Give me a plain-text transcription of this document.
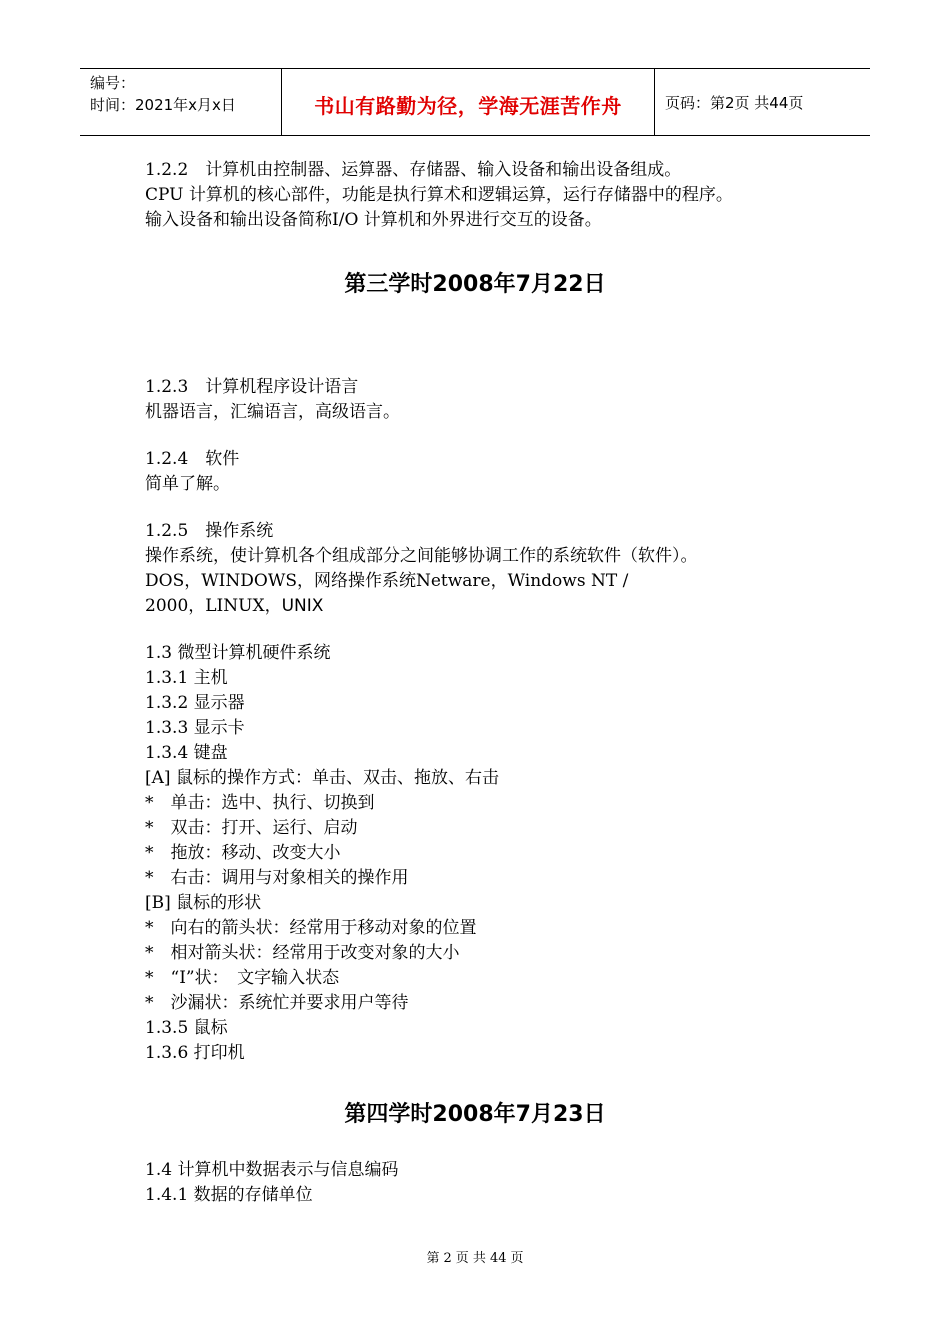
编号：
时间：2021年x月x日	书山有路勤为径，学海无涯苦作舟	页码：第2页 共44页
1.2.2　计算机由控制器、运算器、存储器、输入设备和输出设备组成。
CPU 计算机的核心部件，功能是执行算术和逻辑运算，运行存储器中的程序。
输入设备和输出设备简称I/O 计算机和外界进行交互的设备。
第三学时2008年7月22日
1.2.3　计算机程序设计语言
机器语言，汇编语言，高级语言。
1.2.4　软件
简单了解。
1.2.5　操作系统
操作系统，使计算机各个组成部分之间能够协调工作的系统软件（软件）。
DOS，WINDOWS，网络操作系统Netware，Windows NT /
2000，LINUX，UNIX
1.3 微型计算机硬件系统
1.3.1 主机
1.3.2 显示器
1.3.3 显示卡
1.3.4 键盘
[A] 鼠标的操作方式：单击、双击、拖放、右击
*　单击：选中、执行、切换到
*　双击：打开、运行、启动
*　拖放：移动、改变大小
*　右击：调用与对象相关的操作用
[B] 鼠标的形状
*　向右的箭头状：经常用于移动对象的位置
*　相对箭头状：经常用于改变对象的大小
*　“I”状：　文字输入状态
*　沙漏状：系统忙并要求用户等待
1.3.5 鼠标
1.3.6 打印机
第四学时2008年7月23日
1.4 计算机中数据表示与信息编码
1.4.1 数据的存储单位
第 2 页 共 44 页
